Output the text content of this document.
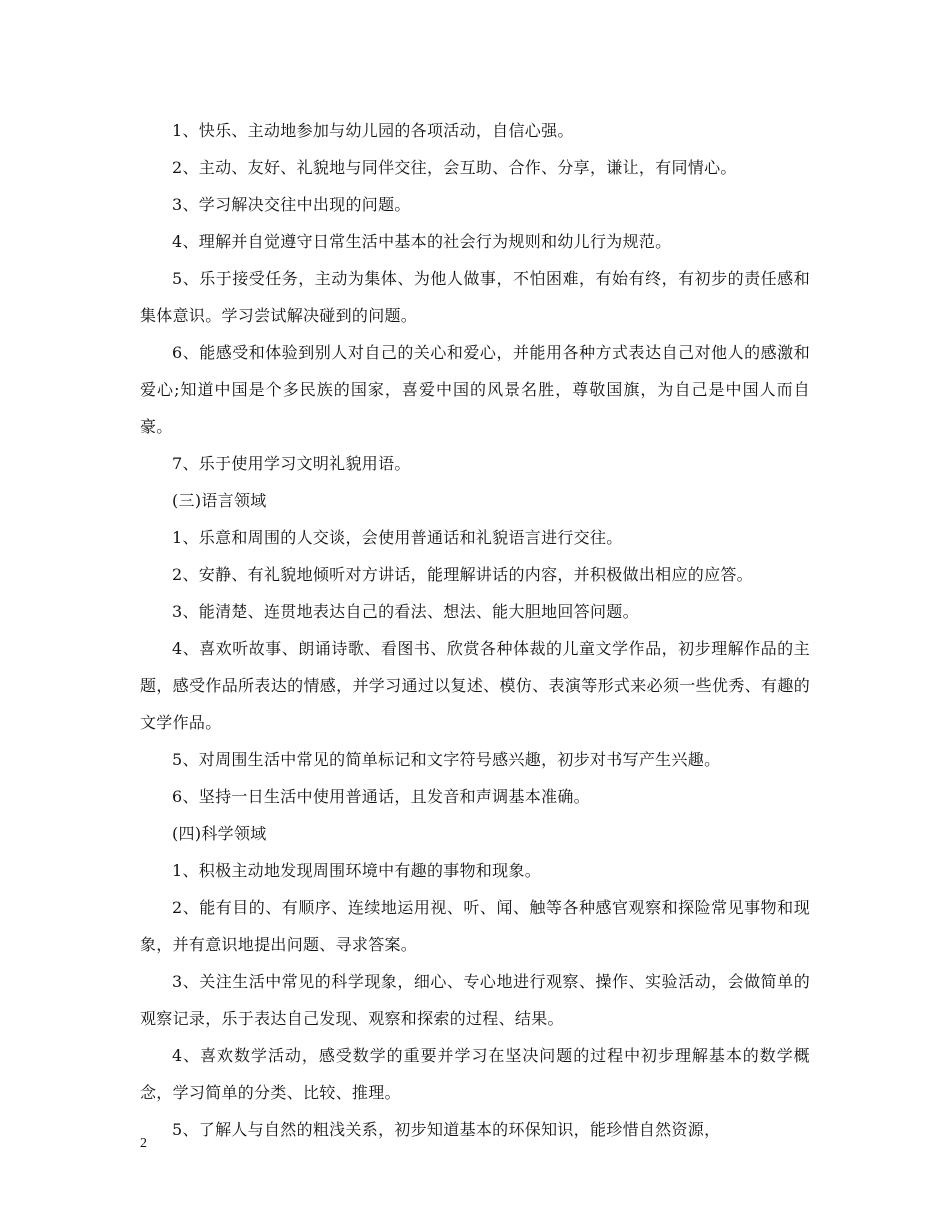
1、快乐、主动地参加与幼儿园的各项活动，自信心强。

2、主动、友好、礼貌地与同伴交往，会互助、合作、分享，谦让，有同情心。

3、学习解决交往中出现的问题。

4、理解并自觉遵守日常生活中基本的社会行为规则和幼儿行为规范。

5、乐于接受任务，主动为集体、为他人做事，不怕困难，有始有终，有初步的责任感和集体意识。学习尝试解决碰到的问题。

6、能感受和体验到别人对自己的关心和爱心，并能用各种方式表达自己对他人的感激和爱心;知道中国是个多民族的国家，喜爱中国的风景名胜，尊敬国旗，为自己是中国人而自豪。

7、乐于使用学习文明礼貌用语。

(三)语言领域

1、乐意和周围的人交谈，会使用普通话和礼貌语言进行交往。

2、安静、有礼貌地倾听对方讲话，能理解讲话的内容，并积极做出相应的应答。

3、能清楚、连贯地表达自己的看法、想法、能大胆地回答问题。

4、喜欢听故事、朗诵诗歌、看图书、欣赏各种体裁的儿童文学作品，初步理解作品的主题，感受作品所表达的情感，并学习通过以复述、模仿、表演等形式来必须一些优秀、有趣的文学作品。

5、对周围生活中常见的简单标记和文字符号感兴趣，初步对书写产生兴趣。

6、坚持一日生活中使用普通话，且发音和声调基本准确。

(四)科学领域

1、积极主动地发现周围环境中有趣的事物和现象。

2、能有目的、有顺序、连续地运用视、听、闻、触等各种感官观察和探险常见事物和现象，并有意识地提出问题、寻求答案。

3、关注生活中常见的科学现象，细心、专心地进行观察、操作、实验活动，会做简单的观察记录，乐于表达自己发现、观察和探索的过程、结果。

4、喜欢数学活动，感受数学的重要并学习在坚决问题的过程中初步理解基本的数学概念，学习简单的分类、比较、推理。

5、了解人与自然的粗浅关系，初步知道基本的环保知识，能珍惜自然资源，

2
